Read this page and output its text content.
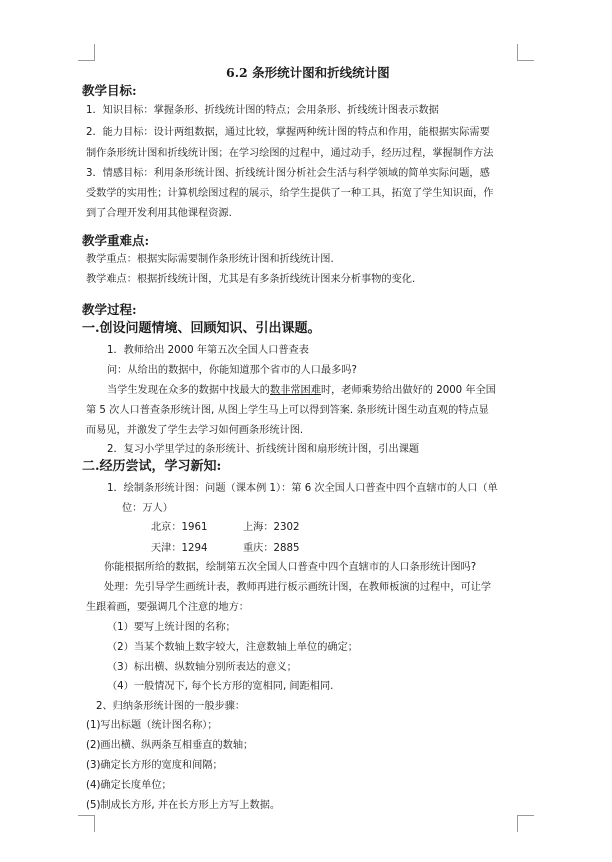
6.2 条形统计图和折线统计图
教学目标:
1．知识目标：掌握条形、折线统计图的特点；会用条形、折线统计图表示数据
2．能力目标：设计两组数据，通过比较，掌握两种统计图的特点和作用，能根据实际需要
制作条形统计图和折线统计图；在学习绘图的过程中，通过动手，经历过程，掌握制作方法
3．情感目标：利用条形统计图、折线统计图分析社会生活与科学领域的简单实际问题，感
受数学的实用性；计算机绘图过程的展示，给学生提供了一种工具，拓宽了学生知识面，作
到了合理开发利用其他课程资源.
教学重难点:
教学重点：根据实际需要制作条形统计图和折线统计图.
教学难点：根据折线统计图，尤其是有多条折线统计图来分析事物的变化.
教学过程:
一.创设问题情境、回顾知识、引出课题。
1．教师给出 2000 年第五次全国人口普查表
问：从给出的数据中，你能知道那个省市的人口最多吗?
当学生发现在众多的数据中找最大的数非常困难时，老师乘势给出做好的 2000 年全国
第 5 次人口普查条形统计图, 从图上学生马上可以得到答案. 条形统计图生动直观的特点显
而易见，并激发了学生去学习如何画条形统计图.
2．复习小学里学过的条形统计、折线统计图和扇形统计图，引出课题
二.经历尝试，学习新知:
1．绘制条形统计图：问题（课本例 1）：第 6 次全国人口普查中四个直辖市的人口（单
位：万人）
北京：1961	上海：2302
天津：1294	重庆：2885
你能根据所给的数据，绘制第五次全国人口普查中四个直辖市的人口条形统计图吗?
处理：先引导学生画统计表，教师再进行板示画统计图，在教师板演的过程中，可让学
生跟着画，要强调几个注意的地方：
（1）要写上统计图的名称；
（2）当某个数轴上数字较大，注意数轴上单位的确定；
（3）标出横、纵数轴分别所表达的意义；
（4）一般情况下, 每个长方形的宽相同, 间距相同.
2、归纳条形统计图的一般步骤：
(1)写出标题（统计图名称）；
(2)画出横、纵两条互相垂直的数轴；
(3)确定长方形的宽度和间隔；
(4)确定长度单位；
(5)制成长方形, 并在长方形上方写上数据。
